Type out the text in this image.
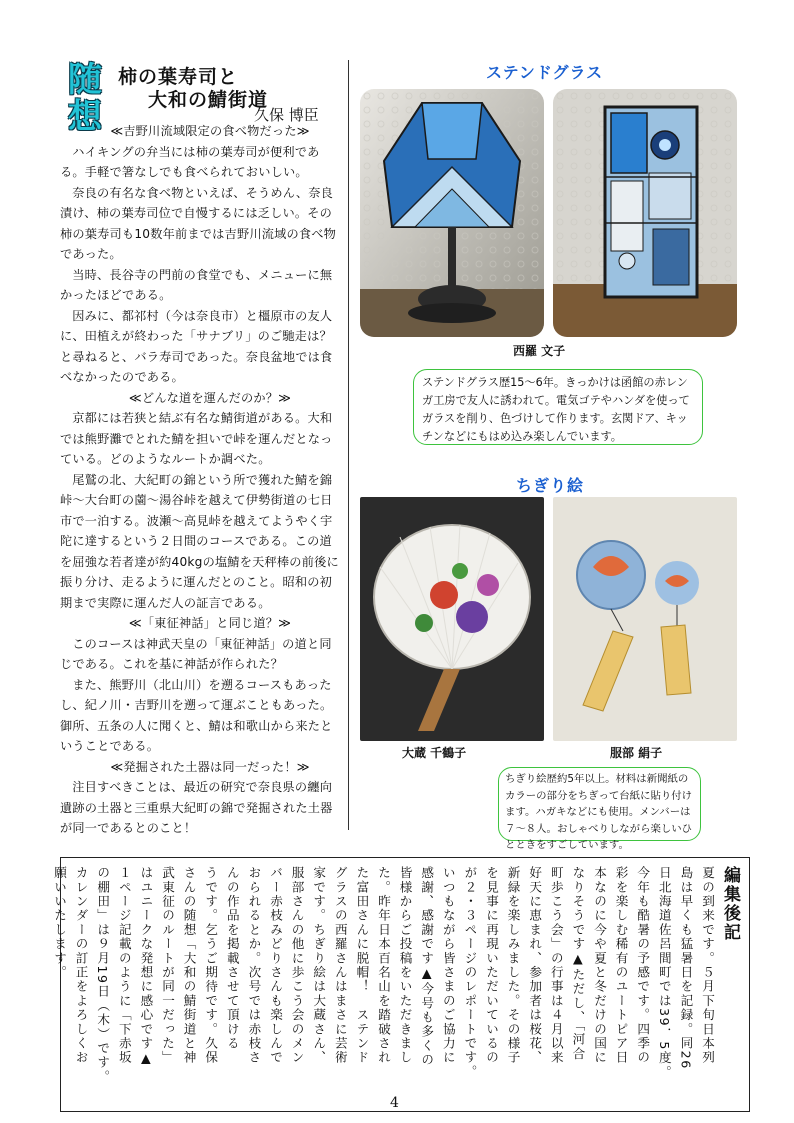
随
想
柿の葉寿司と
大和の鯖街道
久保 博臣

≪吉野川流域限定の食べ物だった≫

ハイキングの弁当には柿の葉寿司が便利である。手軽で箸なしでも食べられておいしい。

奈良の有名な食べ物といえば、そうめん、奈良漬け、柿の葉寿司位で自慢するには乏しい。その柿の葉寿司も10数年前までは吉野川流域の食べ物であった。

当時、長谷寺の門前の食堂でも、メニューに無かったほどである。

因みに、都祁村（今は奈良市）と橿原市の友人に、田植えが終わった「サナブリ」のご馳走は？と尋ねると、バラ寿司であった。奈良盆地では食べなかったのである。

≪どんな道を運んだのか？≫

京都には若狭と結ぶ有名な鯖街道がある。大和では熊野灘でとれた鯖を担いで峠を運んだとなっている。どのようなルートか調べた。

尾鷲の北、大紀町の錦という所で獲れた鯖を錦峠～大台町の薗～湯谷峠を越えて伊勢街道の七日市で一泊する。波瀬～高見峠を越えてようやく宇陀に達するという２日間のコースである。この道を屈強な若者達が約40kgの塩鯖を天秤棒の前後に振り分け、走るように運んだとのこと。昭和の初期まで実際に運んだ人の証言である。

≪「東征神話」と同じ道？≫

このコースは神武天皇の「東征神話」の道と同じである。これを基に神話が作られた？

また、熊野川（北山川）を遡るコースもあったし、紀ノ川・吉野川を遡って運ぶこともあった。御所、五条の人に聞くと、鯖は和歌山から来たということである。

≪発掘された土器は同一だった！≫

注目すべきことは、最近の研究で奈良県の纏向遺跡の土器と三重県大紀町の錦で発掘された土器が同一であるとのこと！

ステンドグラス
西羅 文子
ステンドグラス歴15～6年。きっかけは函館の赤レンガ工房で友人に誘われて。電気ゴテやハンダを使ってガラスを削り、色づけして作ります。玄関ドア、キッチンなどにもはめ込み楽しんでいます。
ちぎり絵
大蔵 千鶴子	服部 絹子
ちぎり絵歴約5年以上。材料は新聞紙のカラーの部分をちぎって台紙に貼り付けます。ハガキなどにも使用。メンバーは７～８人。おしゃべりしながら楽しいひとときをすごしています。
編集後記
夏の到来です。５月下旬日本列
島は早くも猛暑日を記録。同26
日北海道佐呂間町では39．5度。
今年も酷暑の予感です。四季の
彩を楽しむ稀有のユートピア日
本なのに今や夏と冬だけの国に
なりそうです▲ただし、「河合
町歩こう会」の行事は４月以来
好天に恵まれ、参加者は桜花、
新緑を楽しみました。その様子
を見事に再現いただいているの
が２・３ページのレポートです。
いつもながら皆さまのご協力に
感謝、感謝です▲今号も多くの
皆様からご投稿をいただきまし
た。昨年日本百名山を踏破され
た富田さんに脱帽！　ステンド
グラスの西羅さんはまさに芸術
家です。ちぎり絵は大蔵さん、
服部さんの他に歩こう会のメン
バー赤枝みどりさんも楽しんで
おられるとか。次号では赤枝さ
んの作品を掲載させて頂ける
うです。乞うご期待です。久保
さんの随想「大和の鯖街道と神
武東征のルートが同一だった」
はユニークな発想に感心です▲
１ページ記載のように「下赤坂
の棚田」は９月19日（木）です。
カレンダーの訂正をよろしくお
願いいたします。
4
